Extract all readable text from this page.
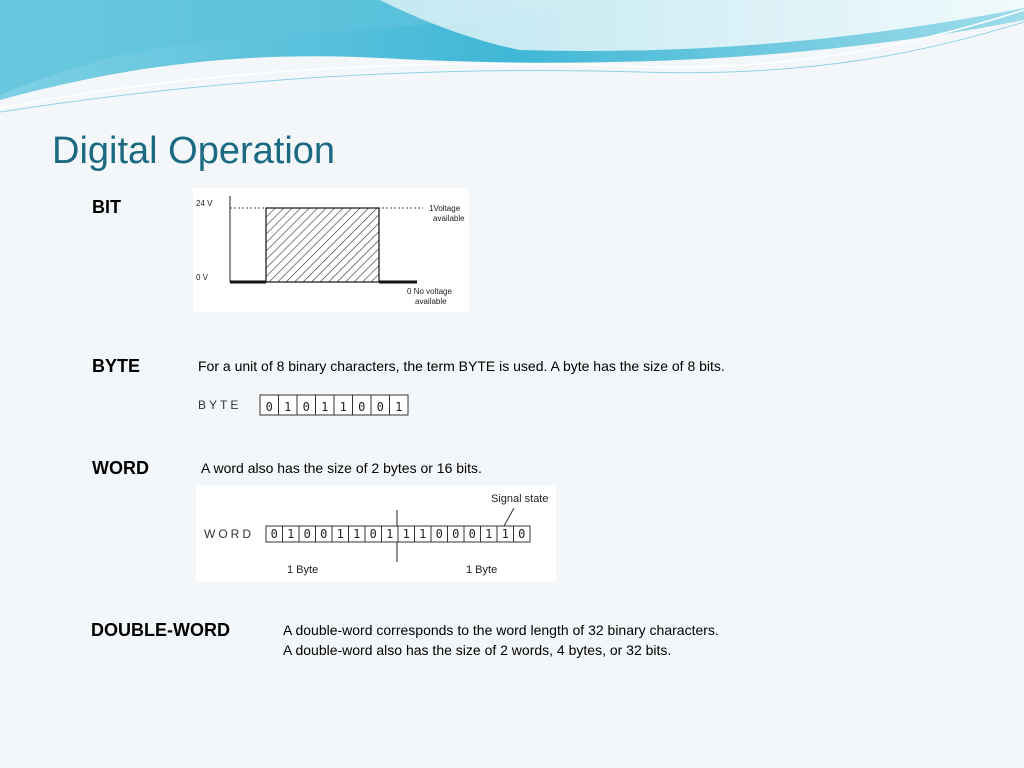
Digital Operation
BIT	24 V
0 V
1Voltage
available
0 No voltage
available
BYTE	For a unit of 8 binary characters, the term BYTE is used. A byte has the size of 8 bits.
BYTE 0 1 0 1 1 0 0 1
WORD	A word also has the size of 2 bytes or 16 bits.
Signal state
WORD 0 1 0 0 1 1 0 1 1 1 0 0 0 1 1 0
1 Byte	1 Byte
DOUBLE-WORD	A double-word corresponds to the word length of 32 binary characters.
A double-word also has the size of 2 words, 4 bytes, or 32 bits.
